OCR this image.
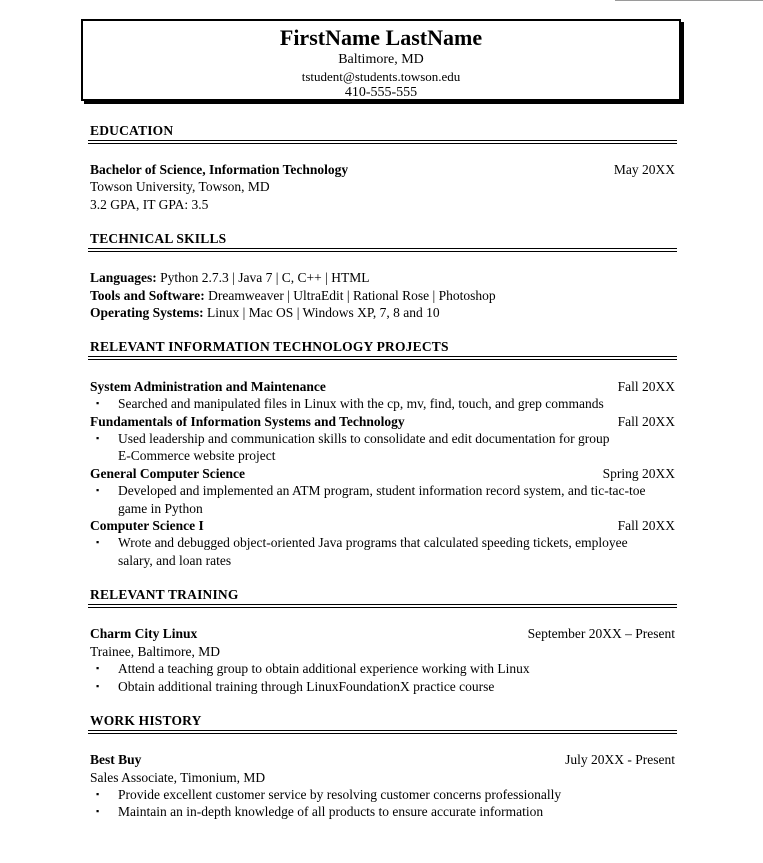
FirstName LastName
Baltimore, MD
tstudent@students.towson.edu
410-555-555
EDUCATION
Bachelor of Science, Information Technology	May 20XX
Towson University, Towson, MD
3.2 GPA, IT GPA: 3.5
TECHNICAL SKILLS
Languages: Python 2.7.3 | Java 7 | C, C++ | HTML
Tools and Software: Dreamweaver | UltraEdit | Rational Rose | Photoshop
Operating Systems: Linux | Mac OS | Windows XP, 7, 8 and 10
RELEVANT INFORMATION TECHNOLOGY PROJECTS
System Administration and Maintenance	Fall 20XX
▪ Searched and manipulated files in Linux with the cp, mv, find, touch, and grep commands
Fundamentals of Information Systems and Technology	Fall 20XX
▪ Used leadership and communication skills to consolidate and edit documentation for group
E-Commerce website project
General Computer Science	Spring 20XX
▪ Developed and implemented an ATM program, student information record system, and tic-tac-toe
game in Python
Computer Science I	Fall 20XX
▪ Wrote and debugged object-oriented Java programs that calculated speeding tickets, employee
salary, and loan rates
RELEVANT TRAINING
Charm City Linux	September 20XX – Present
Trainee, Baltimore, MD
▪ Attend a teaching group to obtain additional experience working with Linux
▪ Obtain additional training through LinuxFoundationX practice course
WORK HISTORY
Best Buy	July 20XX - Present
Sales Associate, Timonium, MD
▪ Provide excellent customer service by resolving customer concerns professionally
▪ Maintain an in-depth knowledge of all products to ensure accurate information
